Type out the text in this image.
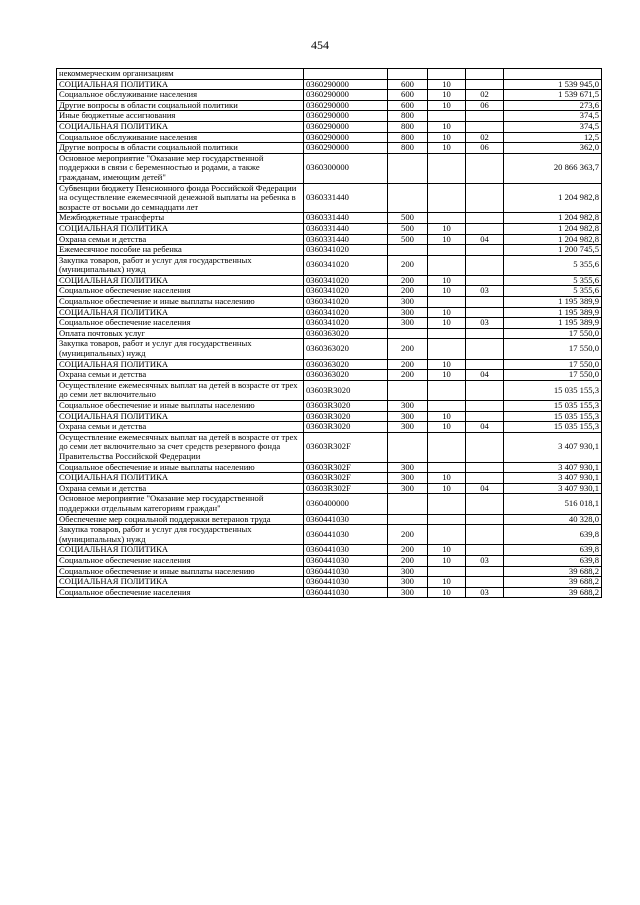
454
некоммерческим организациям					
СОЦИАЛЬНАЯ ПОЛИТИКА	0360290000	600	10		1 539 945,0
Социальное обслуживание населения	0360290000	600	10	02	1 539 671,5
Другие вопросы в области социальной политики	0360290000	600	10	06	273,6
Иные бюджетные ассигнования	0360290000	800			374,5
СОЦИАЛЬНАЯ ПОЛИТИКА	0360290000	800	10		374,5
Социальное обслуживание населения	0360290000	800	10	02	12,5
Другие вопросы в области социальной политики	0360290000	800	10	06	362,0
Основное мероприятие "Оказание мер государственной поддержки в связи с беременностью и родами, а также гражданам, имеющим детей"	0360300000				20 866 363,7
Субвенции бюджету Пенсионного фонда Российской Федерации на осуществление ежемесячной денежной выплаты на ребенка в возрасте от восьми до семнадцати лет	0360331440				1 204 982,8
Межбюджетные трансферты	0360331440	500			1 204 982,8
СОЦИАЛЬНАЯ ПОЛИТИКА	0360331440	500	10		1 204 982,8
Охрана семьи и детства	0360331440	500	10	04	1 204 982,8
Ежемесячное пособие на ребенка	0360341020				1 200 745,5
Закупка товаров, работ и услуг для государственных (муниципальных) нужд	0360341020	200			5 355,6
СОЦИАЛЬНАЯ ПОЛИТИКА	0360341020	200	10		5 355,6
Социальное обеспечение населения	0360341020	200	10	03	5 355,6
Социальное обеспечение и иные выплаты населению	0360341020	300			1 195 389,9
СОЦИАЛЬНАЯ ПОЛИТИКА	0360341020	300	10		1 195 389,9
Социальное обеспечение населения	0360341020	300	10	03	1 195 389,9
Оплата почтовых услуг	0360363020				17 550,0
Закупка товаров, работ и услуг для государственных (муниципальных) нужд	0360363020	200			17 550,0
СОЦИАЛЬНАЯ ПОЛИТИКА	0360363020	200	10		17 550,0
Охрана семьи и детства	0360363020	200	10	04	17 550,0
Осуществление ежемесячных выплат на детей в возрасте от трех до семи лет включительно	03603R3020				15 035 155,3
Социальное обеспечение и иные выплаты населению	03603R3020	300			15 035 155,3
СОЦИАЛЬНАЯ ПОЛИТИКА	03603R3020	300	10		15 035 155,3
Охрана семьи и детства	03603R3020	300	10	04	15 035 155,3
Осуществление ежемесячных выплат на детей в возрасте от трех до семи лет включительно за счет средств резервного фонда Правительства Российской Федерации	03603R302F				3 407 930,1
Социальное обеспечение и иные выплаты населению	03603R302F	300			3 407 930,1
СОЦИАЛЬНАЯ ПОЛИТИКА	03603R302F	300	10		3 407 930,1
Охрана семьи и детства	03603R302F	300	10	04	3 407 930,1
Основное мероприятие "Оказание мер государственной поддержки отдельным категориям граждан"	0360400000				516 018,1
Обеспечение мер социальной поддержки ветеранов труда	0360441030				40 328,0
Закупка товаров, работ и услуг для государственных (муниципальных) нужд	0360441030	200			639,8
СОЦИАЛЬНАЯ ПОЛИТИКА	0360441030	200	10		639,8
Социальное обеспечение населения	0360441030	200	10	03	639,8
Социальное обеспечение и иные выплаты населению	0360441030	300			39 688,2
СОЦИАЛЬНАЯ ПОЛИТИКА	0360441030	300	10		39 688,2
Социальное обеспечение населения	0360441030	300	10	03	39 688,2
